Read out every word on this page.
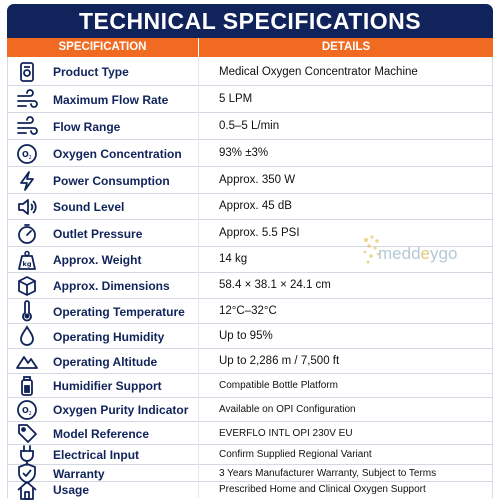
TECHNICAL SPECIFICATIONS
SPECIFICATION	DETAILS
Product Type	Medical Oxygen Concentrator Machine
Maximum Flow Rate	5 LPM
Flow Range	0.5–5 L/min
O 2 Oxygen Concentration	93% ±3%
Power Consumption	Approx. 350 W
Sound Level	Approx. 45 dB
Outlet Pressure	Approx. 5.5 PSI
kg Approx. Weight	14 kg
Approx. Dimensions	58.4 × 38.1 × 24.1 cm
Operating Temperature	12°C–32°C
Operating Humidity	Up to 95%
Operating Altitude	Up to 2,286 m / 7,500 ft
Humidifier Support	Compatible Bottle Platform
O 2 Oxygen Purity Indicator	Available on OPI Configuration
Model Reference	EVERFLO INTL OPI 230V EU
Electrical Input	Confirm Supplied Regional Variant
Warranty	3 Years Manufacturer Warranty, Subject to Terms
Usage	Prescribed Home and Clinical Oxygen Support
meddeygo
